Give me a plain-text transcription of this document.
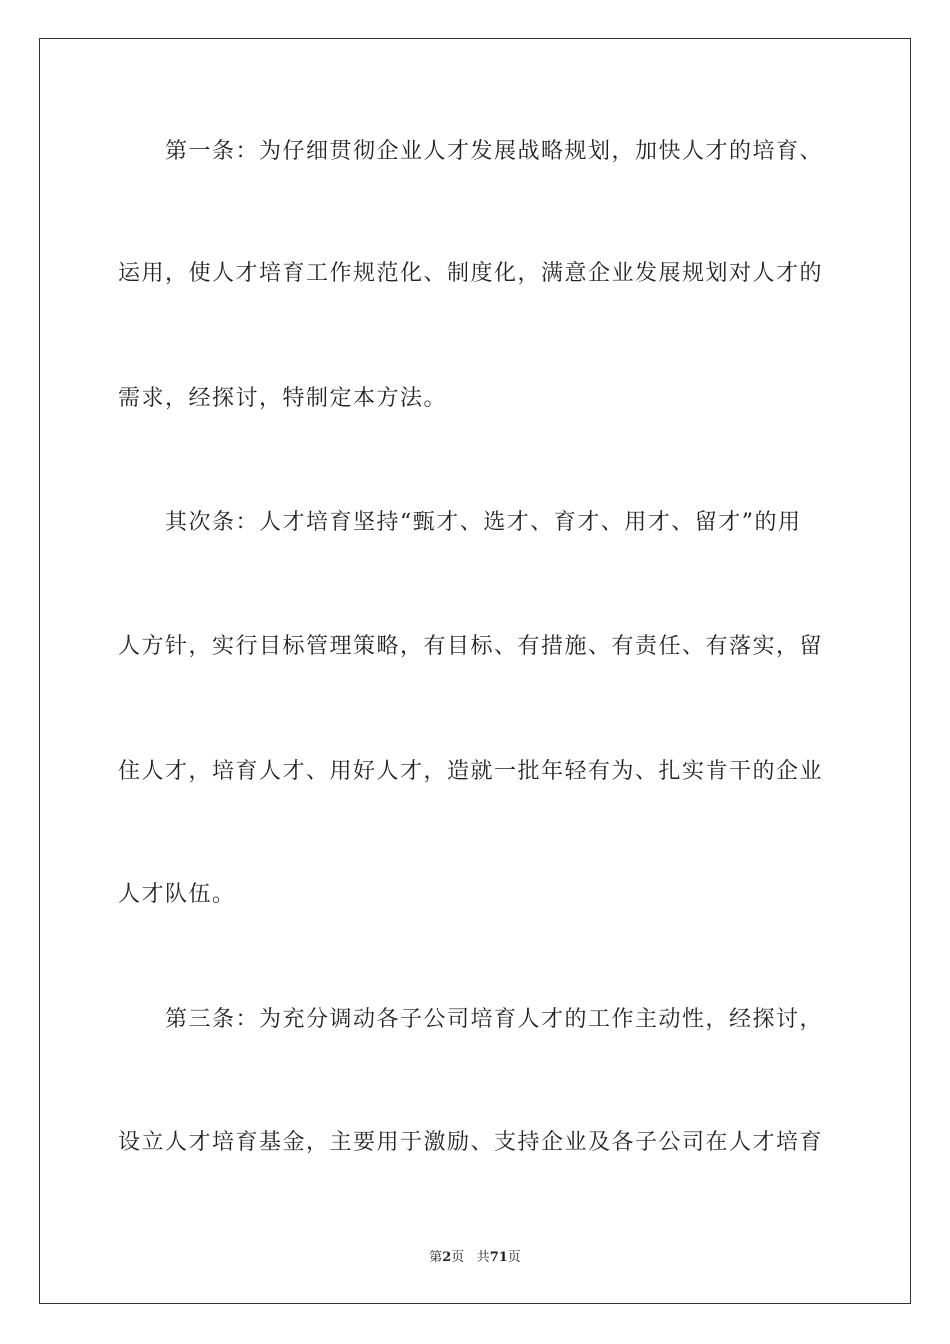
第一条：为仔细贯彻企业人才发展战略规划，加快人才的培育、
运用，使人才培育工作规范化、制度化，满意企业发展规划对人才的
需求，经探讨，特制定本方法。
其次条：人才培育坚持“甄才、选才、育才、用才、留才”的用
人方针，实行目标管理策略，有目标、有措施、有责任、有落实，留
住人才，培育人才、用好人才，造就一批年轻有为、扎实肯干的企业
人才队伍。
第三条：为充分调动各子公司培育人才的工作主动性，经探讨，
设立人才培育基金，主要用于激励、支持企业及各子公司在人才培育
第2页 共71页
